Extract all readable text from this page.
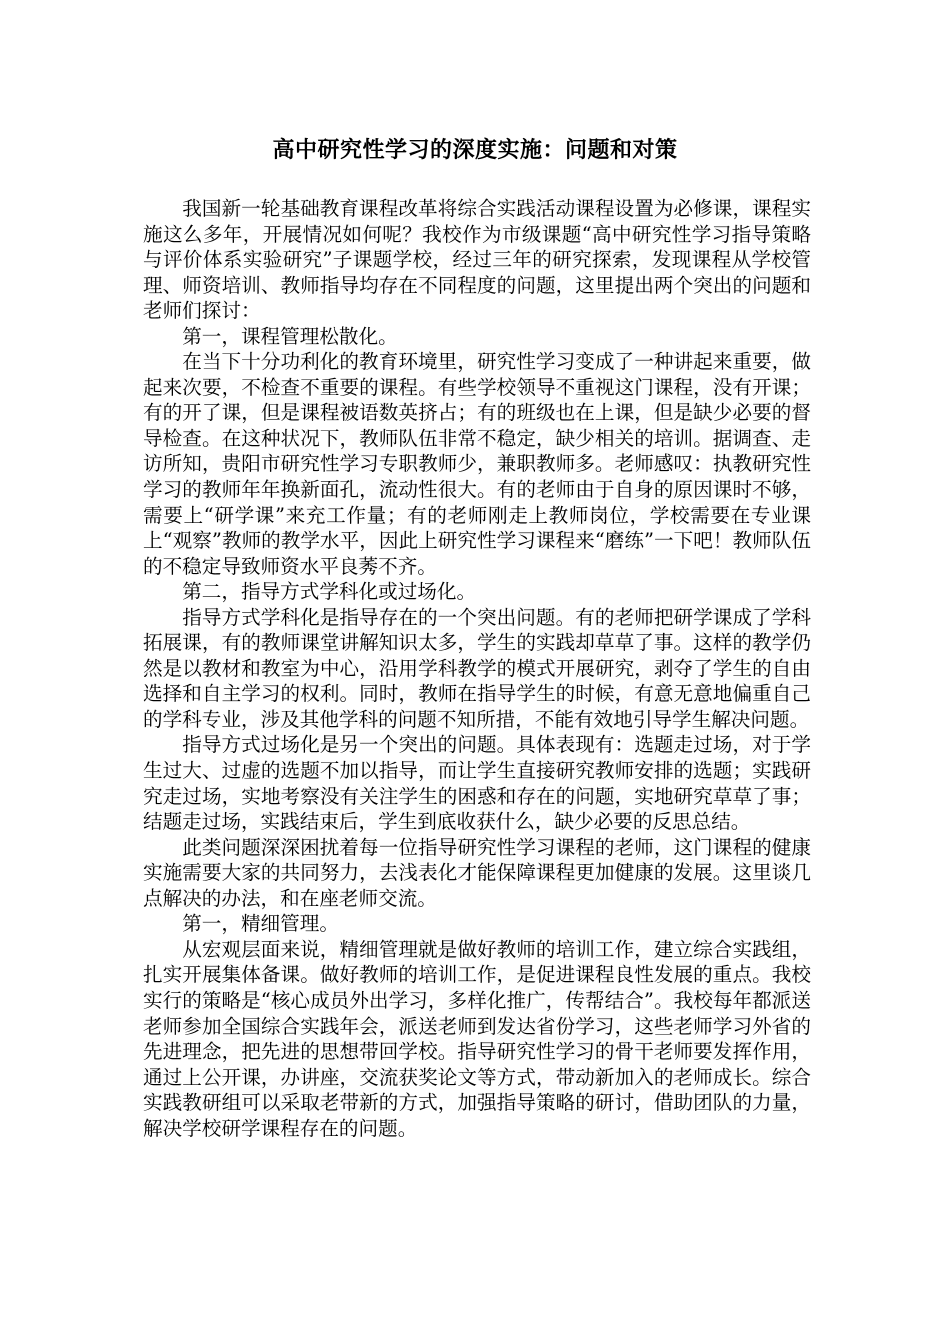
高中研究性学习的深度实施：问题和对策

我国新一轮基础教育课程改革将综合实践活动课程设置为必修课，课程实施这么多年，开展情况如何呢？我校作为市级课题“高中研究性学习指导策略与评价体系实验研究”子课题学校，经过三年的研究探索，发现课程从学校管理、师资培训、教师指导均存在不同程度的问题，这里提出两个突出的问题和老师们探讨：

第一，课程管理松散化。

在当下十分功利化的教育环境里，研究性学习变成了一种讲起来重要，做起来次要，不检查不重要的课程。有些学校领导不重视这门课程，没有开课；有的开了课，但是课程被语数英挤占；有的班级也在上课，但是缺少必要的督导检查。在这种状况下，教师队伍非常不稳定，缺少相关的培训。据调查、走访所知，贵阳市研究性学习专职教师少，兼职教师多。老师感叹：执教研究性学习的教师年年换新面孔，流动性很大。有的老师由于自身的原因课时不够，需要上“研学课”来充工作量；有的老师刚走上教师岗位，学校需要在专业课上“观察”教师的教学水平，因此上研究性学习课程来“磨练”一下吧！教师队伍的不稳定导致师资水平良莠不齐。

第二，指导方式学科化或过场化。

指导方式学科化是指导存在的一个突出问题。有的老师把研学课成了学科拓展课，有的教师课堂讲解知识太多，学生的实践却草草了事。这样的教学仍然是以教材和教室为中心，沿用学科教学的模式开展研究，剥夺了学生的自由选择和自主学习的权利。同时，教师在指导学生的时候，有意无意地偏重自己的学科专业，涉及其他学科的问题不知所措，不能有效地引导学生解决问题。

指导方式过场化是另一个突出的问题。具体表现有：选题走过场，对于学生过大、过虚的选题不加以指导，而让学生直接研究教师安排的选题；实践研究走过场，实地考察没有关注学生的困惑和存在的问题，实地研究草草了事；结题走过场，实践结束后，学生到底收获什么，缺少必要的反思总结。

此类问题深深困扰着每一位指导研究性学习课程的老师，这门课程的健康实施需要大家的共同努力，去浅表化才能保障课程更加健康的发展。这里谈几点解决的办法，和在座老师交流。

第一，精细管理。

从宏观层面来说，精细管理就是做好教师的培训工作，建立综合实践组，扎实开展集体备课。做好教师的培训工作，是促进课程良性发展的重点。我校实行的策略是“核心成员外出学习，多样化推广，传帮结合”。我校每年都派送老师参加全国综合实践年会，派送老师到发达省份学习，这些老师学习外省的先进理念，把先进的思想带回学校。指导研究性学习的骨干老师要发挥作用，通过上公开课，办讲座，交流获奖论文等方式，带动新加入的老师成长。综合实践教研组可以采取老带新的方式，加强指导策略的研讨，借助团队的力量，解决学校研学课程存在的问题。
